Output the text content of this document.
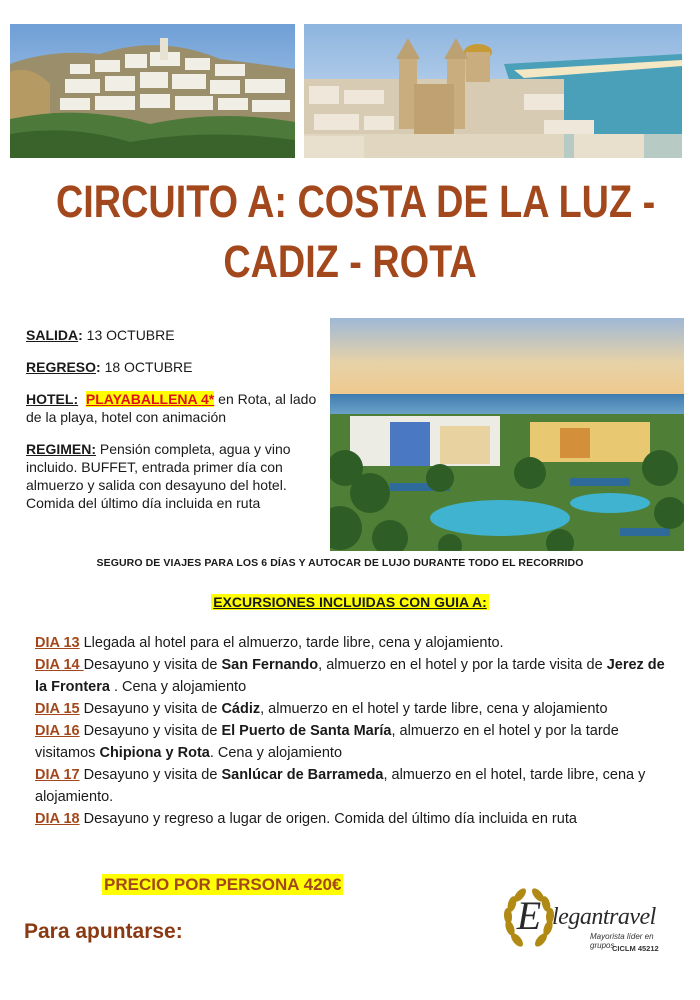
CIRCUITO A: COSTA DE LA LUZ -
CADIZ - ROTA

SALIDA: 13 OCTUBRE

REGRESO: 18 OCTUBRE

HOTEL: PLAYABALLENA 4* en Rota, al lado de la playa, hotel con animación

REGIMEN: Pensión completa, agua y vino incluido. BUFFET, entrada primer día con almuerzo y salida con desayuno del hotel. Comida del último día incluida en ruta

SEGURO DE VIAJES PARA LOS 6 DÍAS Y AUTOCAR DE LUJO DURANTE TODO EL RECORRIDO
EXCURSIONES INCLUIDAS CON GUIA A:

DIA 13 Llegada al hotel para el almuerzo, tarde libre, cena y alojamiento.

DIA 14 Desayuno y visita de San Fernando, almuerzo en el hotel y por la tarde visita de Jerez de la Frontera . Cena y alojamiento

DIA 15 Desayuno y visita de Cádiz, almuerzo en el hotel y tarde libre, cena y alojamiento

DIA 16 Desayuno y visita de El Puerto de Santa María, almuerzo en el hotel y por la tarde visitamos Chipiona y Rota. Cena y alojamiento

DIA 17 Desayuno y visita de Sanlúcar de Barrameda, almuerzo en el hotel, tarde libre, cena y alojamiento.

DIA 18 Desayuno y regreso a lugar de origen. Comida del último día incluida en ruta

PRECIO POR PERSONA 420€
Para apuntarse:	E legantravel
Mayorista líder en grupos
CICLM 45212
